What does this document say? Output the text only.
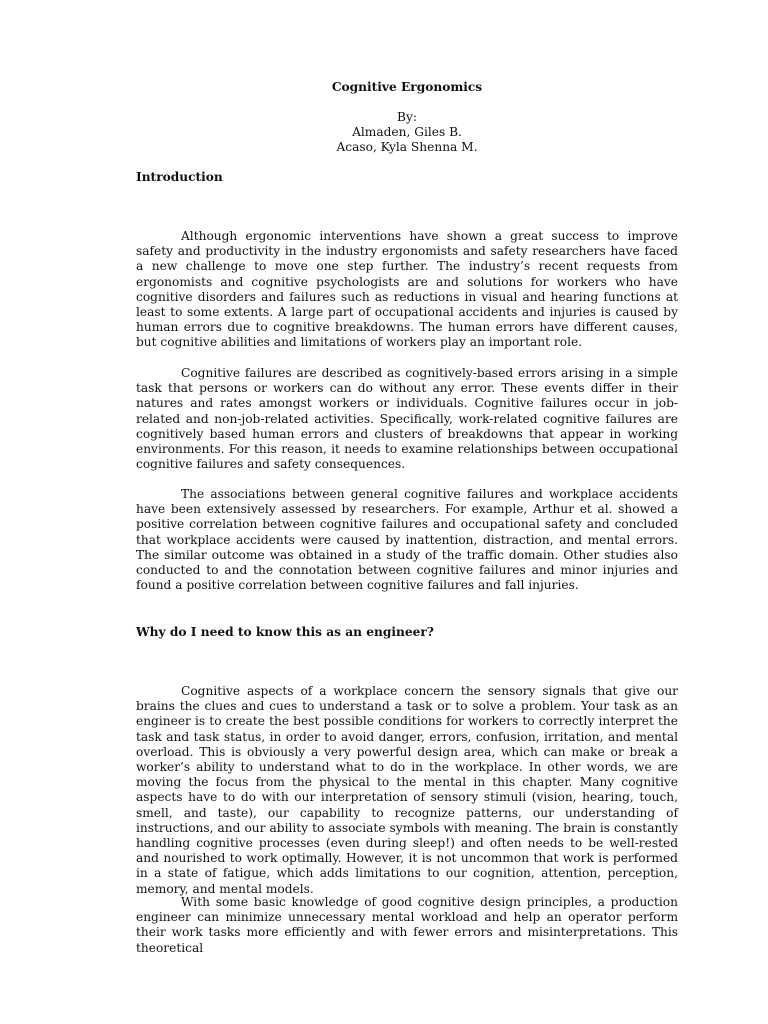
Cognitive Ergonomics
By:
Almaden, Giles B.
Acaso, Kyla Shenna M.
Introduction

Although ergonomic interventions have shown a great success to improve safety and productivity in the industry ergonomists and safety researchers have faced a new challenge to move one step further. The industry’s recent requests from ergonomists and cognitive psychologists are and solutions for workers who have cognitive disorders and failures such as reductions in visual and hearing functions at least to some extents. A large part of occupational accidents and injuries is caused by human errors due to cognitive breakdowns. The human errors have different causes, but cognitive abilities and limitations of workers play an important role.

Cognitive failures are described as cognitively-based errors arising in a simple task that persons or workers can do without any error. These events differ in their natures and rates amongst workers or individuals. Cognitive failures occur in job-related and non-job-related activities. Specifically, work-related cognitive failures are cognitively based human errors and clusters of breakdowns that appear in working environments. For this reason, it needs to examine relationships between occupational cognitive failures and safety consequences.

The associations between general cognitive failures and workplace accidents have been extensively assessed by researchers. For example, Arthur et al. showed a positive correlation between cognitive failures and occupational safety and concluded that workplace accidents were caused by inattention, distraction, and mental errors. The similar outcome was obtained in a study of the traffic domain. Other studies also conducted to and the connotation between cognitive failures and minor injuries and found a positive correlation between cognitive failures and fall injuries.

Why do I need to know this as an engineer?

Cognitive aspects of a workplace concern the sensory signals that give our brains the clues and cues to understand a task or to solve a problem. Your task as an engineer is to create the best possible conditions for workers to correctly interpret the task and task status, in order to avoid danger, errors, confusion, irritation, and mental overload. This is obviously a very powerful design area, which can make or break a worker’s ability to understand what to do in the workplace. In other words, we are moving the focus from the physical to the mental in this chapter. Many cognitive aspects have to do with our interpretation of sensory stimuli (vision, hearing, touch, smell, and taste), our capability to recognize patterns, our understanding of instructions, and our ability to associate symbols with meaning. The brain is constantly handling cognitive processes (even during sleep!) and often needs to be well-rested and nourished to work optimally. However, it is not uncommon that work is performed in a state of fatigue, which adds limitations to our cognition, attention, perception, memory, and mental models.

With some basic knowledge of good cognitive design principles, a production engineer can minimize unnecessary mental workload and help an operator perform their work tasks more efficiently and with fewer errors and misinterpretations. This theoretical
